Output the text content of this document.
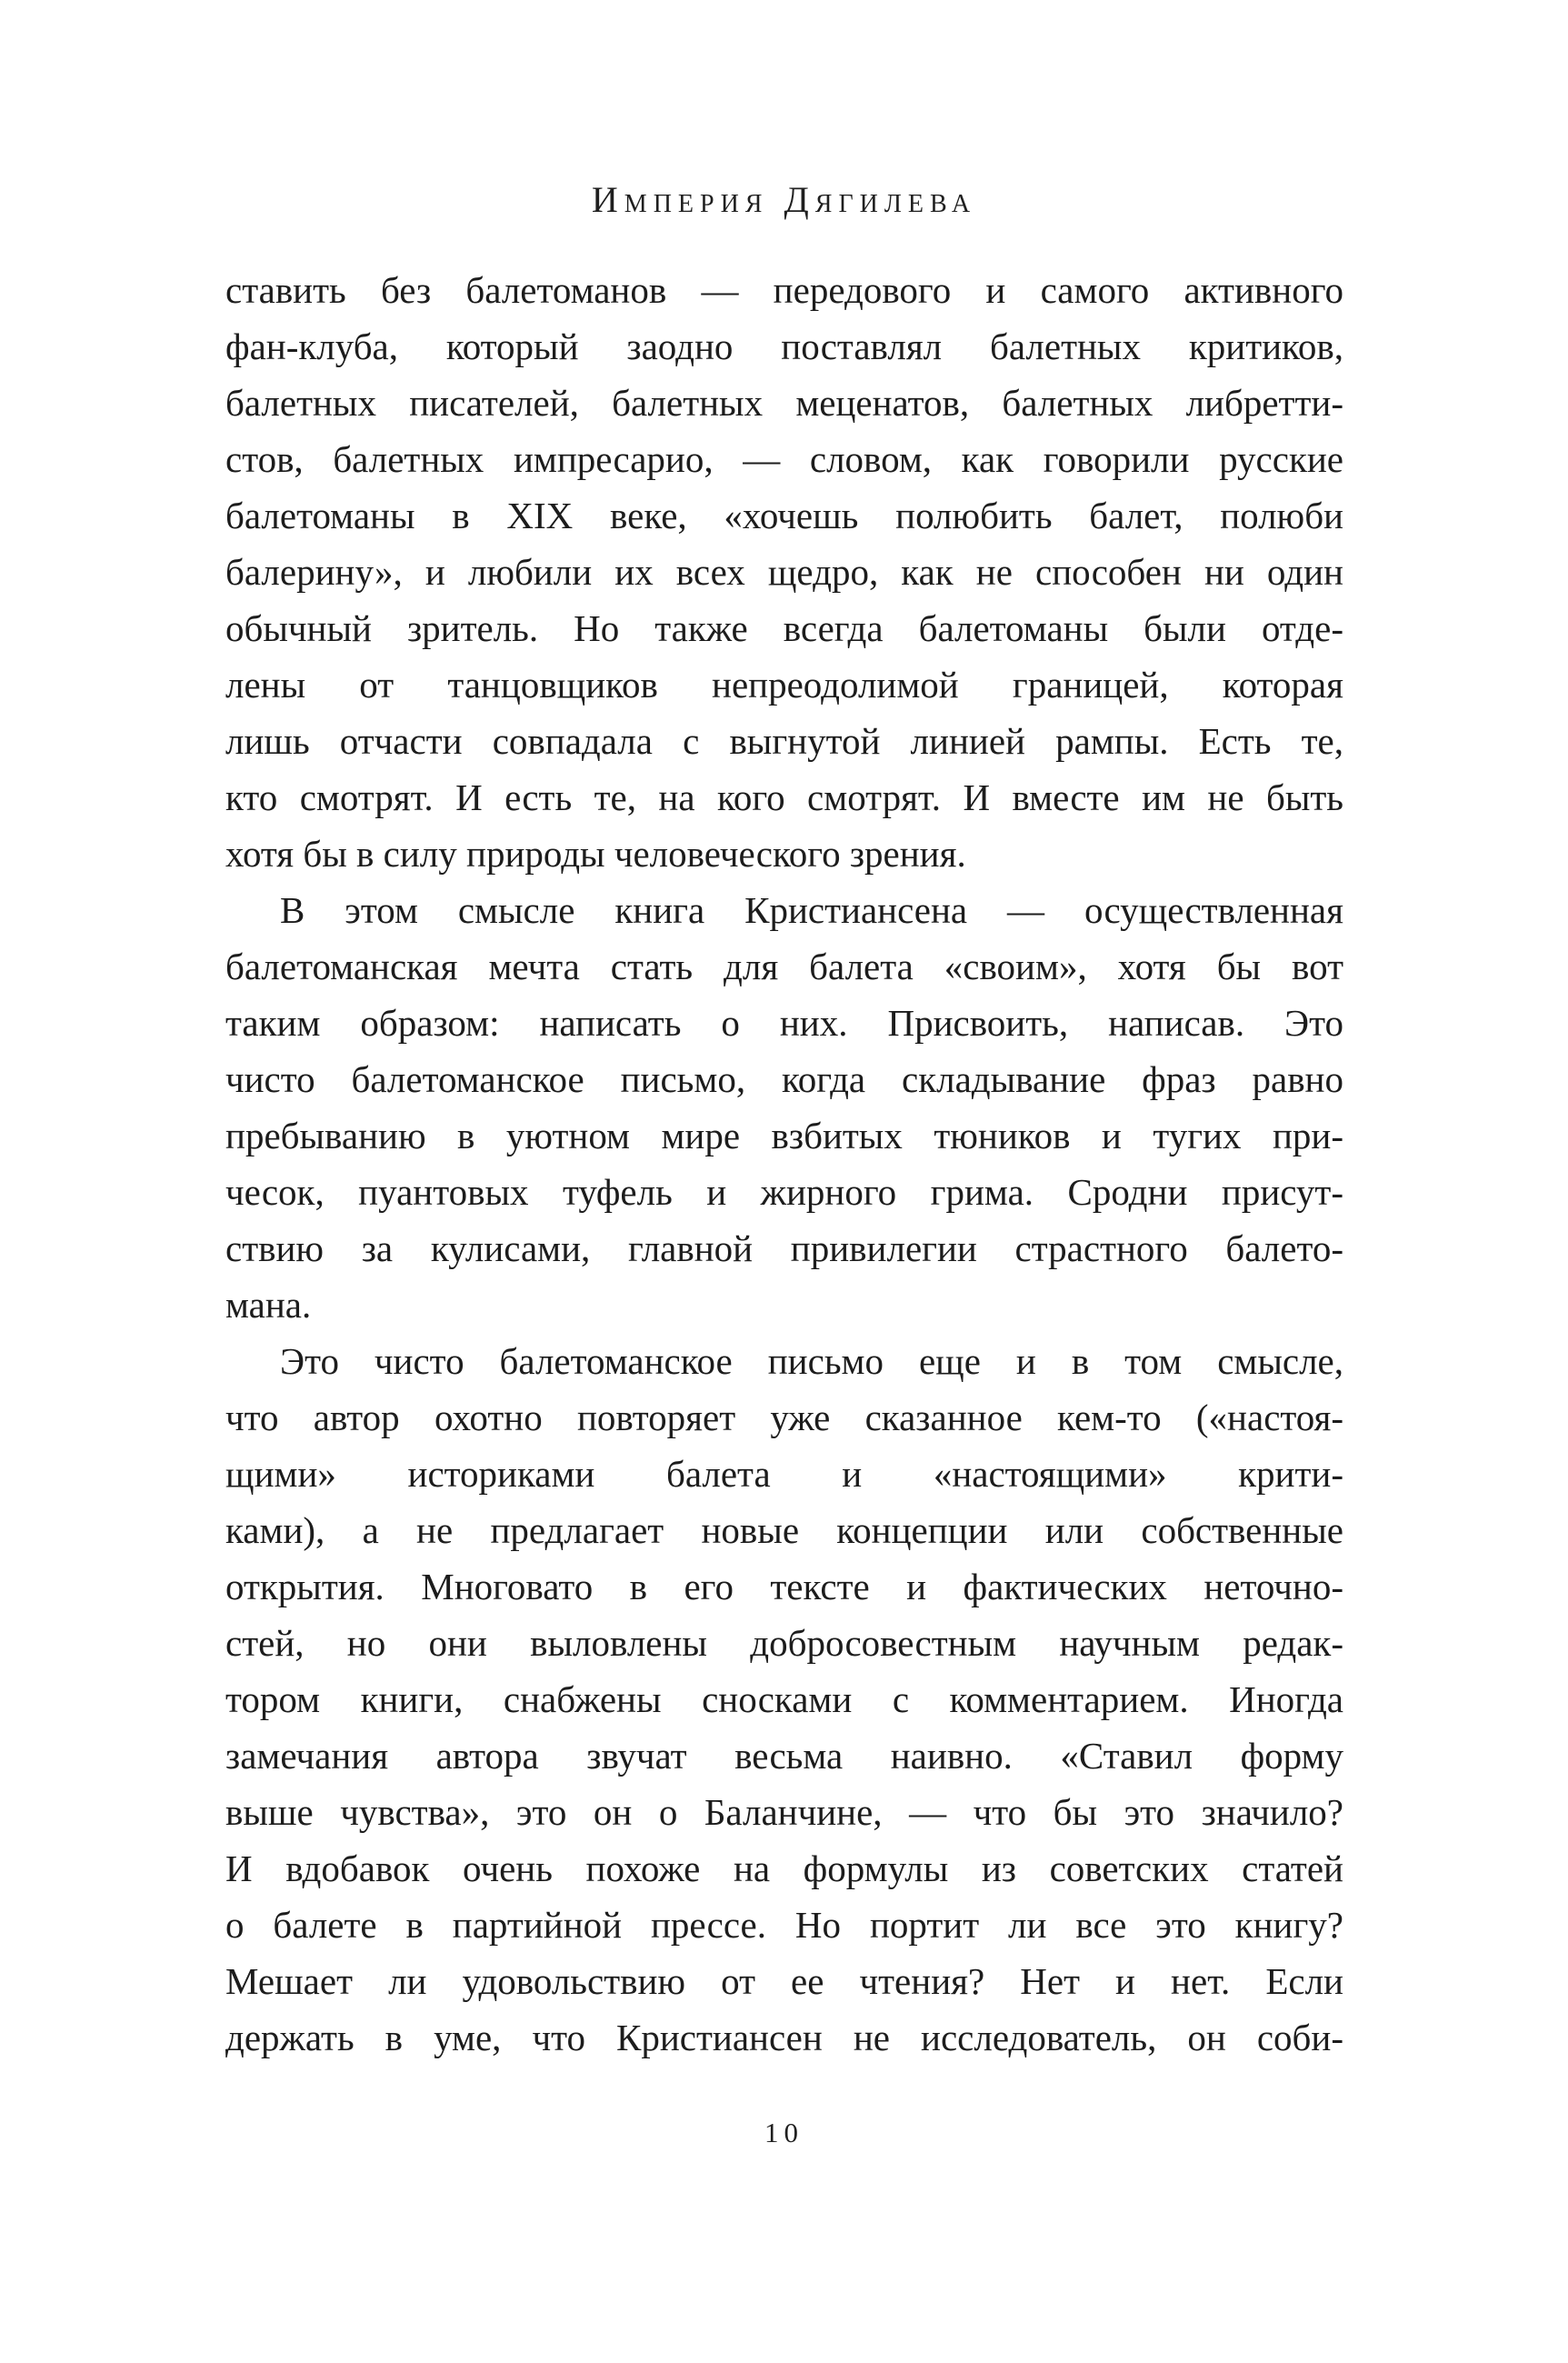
Империя Дягилева
ставить без балетоманов — передового и самого активного
фан-клуба, который заодно поставлял балетных критиков,
балетных писателей, балетных меценатов, балетных либретти-
стов, балетных импресарио, — словом, как говорили русские
балетоманы в XIX веке, «хочешь полюбить балет, полюби
балерину», и любили их всех щедро, как не способен ни один
обычный зритель. Но также всегда балетоманы были отде-
лены от танцовщиков непреодолимой границей, которая
лишь отчасти совпадала с выгнутой линией рампы. Есть те,
кто смотрят. И есть те, на кого смотрят. И вместе им не быть
хотя бы в силу природы человеческого зрения.
В этом смысле книга Кристиансена — осуществленная
балетоманская мечта стать для балета «своим», хотя бы вот
таким образом: написать о них. Присвоить, написав. Это
чисто балетоманское письмо, когда складывание фраз равно
пребыванию в уютном мире взбитых тюников и тугих при-
чесок, пуантовых туфель и жирного грима. Сродни присут-
ствию за кулисами, главной привилегии страстного балето-
мана.
Это чисто балетоманское письмо еще и в том смысле,
что автор охотно повторяет уже сказанное кем-то («настоя-
щими» историками балета и «настоящими» крити-
ками), а не предлагает новые концепции или собственные
открытия. Многовато в его тексте и фактических неточно-
стей, но они выловлены добросовестным научным редак-
тором книги, снабжены сносками с комментарием. Иногда
замечания автора звучат весьма наивно. «Ставил форму
выше чувства», это он о Баланчине, — что бы это значило?
И вдобавок очень похоже на формулы из советских статей
о балете в партийной прессе. Но портит ли все это книгу?
Мешает ли удовольствию от ее чтения? Нет и нет. Если
держать в уме, что Кристиансен не исследователь, он соби-
10
